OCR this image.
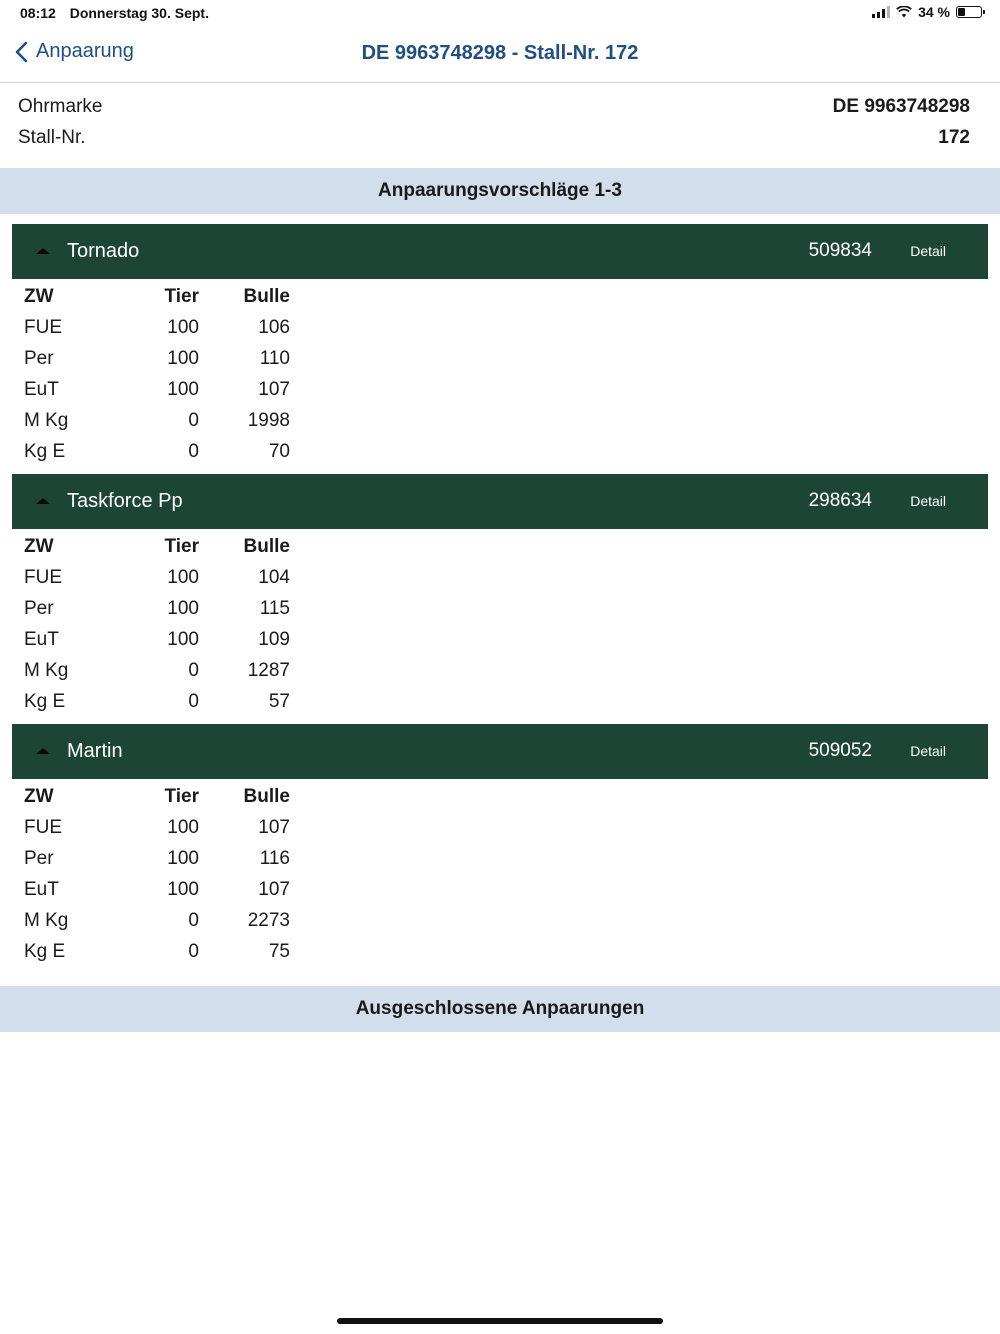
08:12 Donnerstag 30. Sept.	34 %
Anpaarung	DE 9963748298 - Stall-Nr. 172
Ohrmarke	DE 9963748298
Stall-Nr.	172
Anpaarungsvorschläge 1-3
Tornado	509834	Detail
ZW	Tier	Bulle
FUE	100	106
Per	100	110
EuT	100	107
M Kg	0	1998
Kg E	0	70
Taskforce Pp	298634	Detail
ZW	Tier	Bulle
FUE	100	104
Per	100	115
EuT	100	109
M Kg	0	1287
Kg E	0	57
Martin	509052	Detail
ZW	Tier	Bulle
FUE	100	107
Per	100	116
EuT	100	107
M Kg	0	2273
Kg E	0	75
Ausgeschlossene Anpaarungen
